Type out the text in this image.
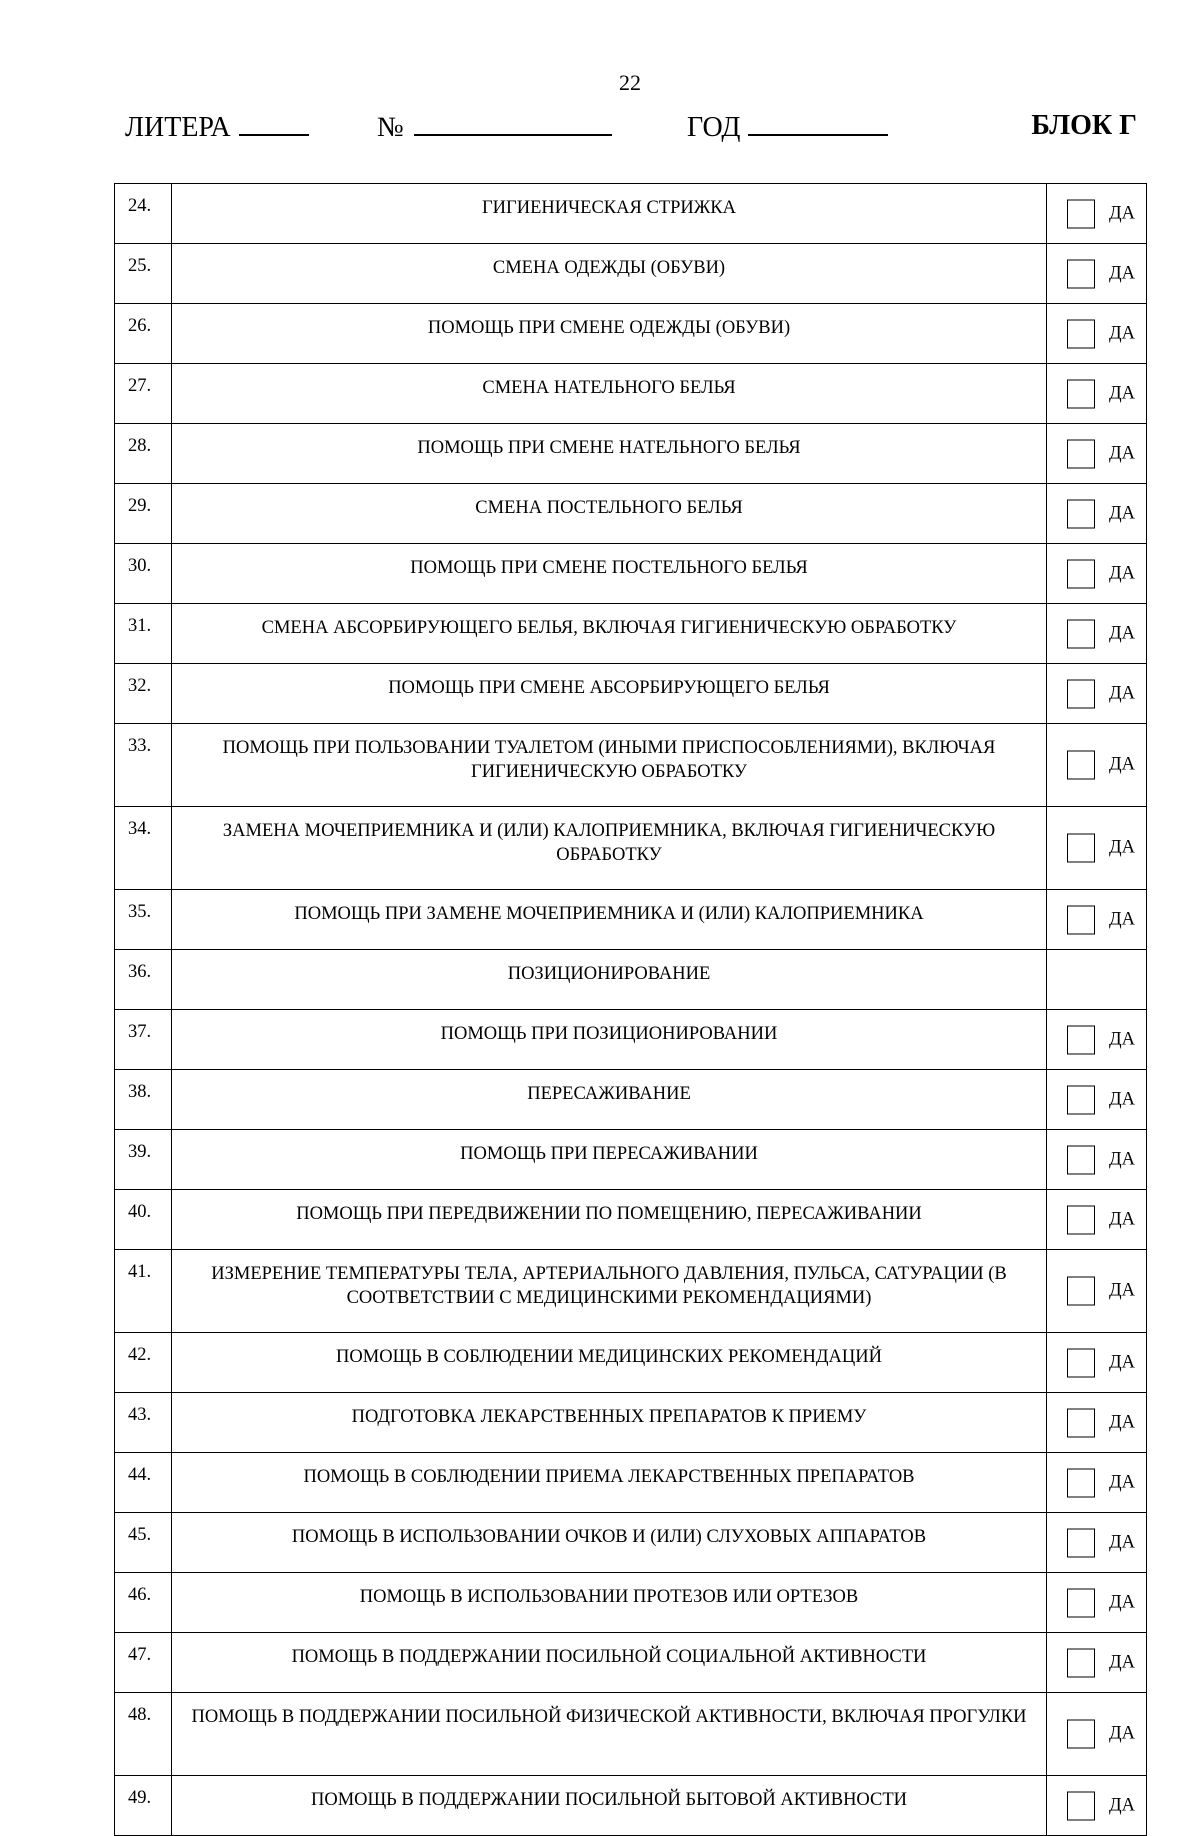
22
ЛИТЕРА	№	ГОД	БЛОК Г
24.	ГИГИЕНИЧЕСКАЯ СТРИЖКА	ДА

25.	СМЕНА ОДЕЖДЫ (ОБУВИ)	ДА

26.	ПОМОЩЬ ПРИ СМЕНЕ ОДЕЖДЫ (ОБУВИ)	ДА

27.	СМЕНА НАТЕЛЬНОГО БЕЛЬЯ	ДА

28.	ПОМОЩЬ ПРИ СМЕНЕ НАТЕЛЬНОГО БЕЛЬЯ	ДА

29.	СМЕНА ПОСТЕЛЬНОГО БЕЛЬЯ	ДА

30.	ПОМОЩЬ ПРИ СМЕНЕ ПОСТЕЛЬНОГО БЕЛЬЯ	ДА

31.	СМЕНА АБСОРБИРУЮЩЕГО БЕЛЬЯ, ВКЛЮЧАЯ ГИГИЕНИЧЕСКУЮ ОБРАБОТКУ	ДА

32.	ПОМОЩЬ ПРИ СМЕНЕ АБСОРБИРУЮЩЕГО БЕЛЬЯ	ДА

33.	ПОМОЩЬ ПРИ ПОЛЬЗОВАНИИ ТУАЛЕТОМ (ИНЫМИ ПРИСПОСОБЛЕНИЯМИ), ВКЛЮЧАЯ ГИГИЕНИЧЕСКУЮ ОБРАБОТКУ	ДА

34.	ЗАМЕНА МОЧЕПРИЕМНИКА И (ИЛИ) КАЛОПРИЕМНИКА, ВКЛЮЧАЯ ГИГИЕНИЧЕСКУЮ ОБРАБОТКУ	ДА

35.	ПОМОЩЬ ПРИ ЗАМЕНЕ МОЧЕПРИЕМНИКА И (ИЛИ) КАЛОПРИЕМНИКА	ДА

36.	ПОЗИЦИОНИРОВАНИЕ	
37.	ПОМОЩЬ ПРИ ПОЗИЦИОНИРОВАНИИ	ДА

38.	ПЕРЕСАЖИВАНИЕ	ДА

39.	ПОМОЩЬ ПРИ ПЕРЕСАЖИВАНИИ	ДА

40.	ПОМОЩЬ ПРИ ПЕРЕДВИЖЕНИИ ПО ПОМЕЩЕНИЮ, ПЕРЕСАЖИВАНИИ	ДА

41.	ИЗМЕРЕНИЕ ТЕМПЕРАТУРЫ ТЕЛА, АРТЕРИАЛЬНОГО ДАВЛЕНИЯ, ПУЛЬСА, САТУРАЦИИ (В СООТВЕТСТВИИ С МЕДИЦИНСКИМИ РЕКОМЕНДАЦИЯМИ)	ДА

42.	ПОМОЩЬ В СОБЛЮДЕНИИ МЕДИЦИНСКИХ РЕКОМЕНДАЦИЙ	ДА

43.	ПОДГОТОВКА ЛЕКАРСТВЕННЫХ ПРЕПАРАТОВ К ПРИЕМУ	ДА

44.	ПОМОЩЬ В СОБЛЮДЕНИИ ПРИЕМА ЛЕКАРСТВЕННЫХ ПРЕПАРАТОВ	ДА

45.	ПОМОЩЬ В ИСПОЛЬЗОВАНИИ ОЧКОВ И (ИЛИ) СЛУХОВЫХ АППАРАТОВ	ДА

46.	ПОМОЩЬ В ИСПОЛЬЗОВАНИИ ПРОТЕЗОВ ИЛИ ОРТЕЗОВ	ДА

47.	ПОМОЩЬ В ПОДДЕРЖАНИИ ПОСИЛЬНОЙ СОЦИАЛЬНОЙ АКТИВНОСТИ	ДА

48.	ПОМОЩЬ В ПОДДЕРЖАНИИ ПОСИЛЬНОЙ ФИЗИЧЕСКОЙ АКТИВНОСТИ, ВКЛЮЧАЯ ПРОГУЛКИ	ДА

49.	ПОМОЩЬ В ПОДДЕРЖАНИИ ПОСИЛЬНОЙ БЫТОВОЙ АКТИВНОСТИ	ДА
